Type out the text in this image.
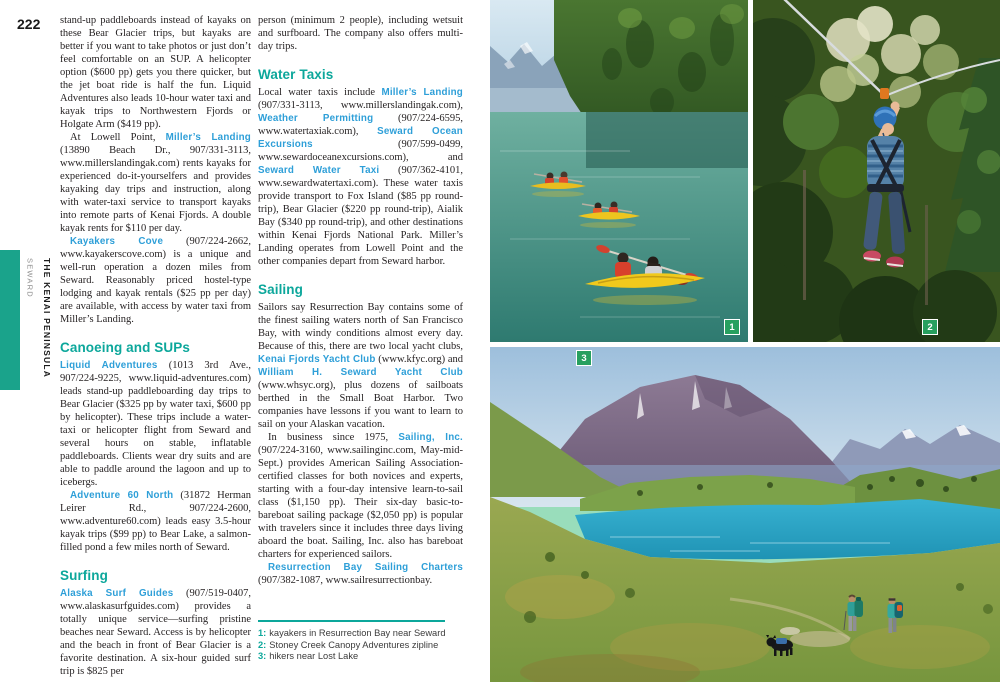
222
THE KENAI PENINSULA SEWARD

stand-up paddleboards instead of kayaks on these Bear Glacier trips, but kayaks are better if you want to take photos or just don’t feel comfortable on an SUP. A helicopter option ($600 pp) gets you there quicker, but the jet boat ride is half the fun. Liquid Adventures also leads 10-hour water taxi and kayak trips to Northwestern Fjords or Holgate Arm ($419 pp).

At Lowell Point, Miller’s Landing (13890 Beach Dr., 907/331-3113, www.millerslandingak.com) rents kayaks for experienced do-it-yourselfers and provides kayaking day trips and instruction, along with water-taxi service to transport kayaks into remote parts of Kenai Fjords. A double kayak rents for $110 per day.

Kayakers Cove (907/224-2662, www.kayakerscove.com) is a unique and well-run operation a dozen miles from Seward. Reasonably priced hostel-type lodging and kayak rentals ($25 pp per day) are available, with access by water taxi from Miller’s Landing.

Canoeing and SUPs

Liquid Adventures (1013 3rd Ave., 907/224-9225, www.liquid-adventures.com) leads stand-up paddleboarding day trips to Bear Glacier ($325 pp by water taxi, $600 pp by helicopter). These trips include a water-taxi or helicopter flight from Seward and several hours on stable, inflatable paddleboards. Clients wear dry suits and are able to paddle around the lagoon and up to icebergs.

Adventure 60 North (31872 Herman Leirer Rd., 907/224-2600, www.adventure60.com) leads easy 3.5-hour kayak trips ($99 pp) to Bear Lake, a salmon-filled pond a few miles north of Seward.

Surfing

Alaska Surf Guides (907/519-0407, www.alaskasurfguides.com) provides a totally unique service—surfing pristine beaches near Seward. Access is by helicopter and the beach in front of Bear Glacier is a favorite destination. A six-hour guided surf trip is $825 per

person (minimum 2 people), including wetsuit and surfboard. The company also offers multi-day trips.

Water Taxis

Local water taxis include Miller’s Landing (907/331-3113, www.millerslandingak.com), Weather Permitting (907/224-6595, www.watertaxiak.com), Seward Ocean Excursions (907/599-0499, www.sewardoceanexcursions.com), and Seward Water Taxi (907/362-4101, www.sewardwatertaxi.com). These water taxis provide transport to Fox Island ($85 pp round-trip), Bear Glacier ($220 pp round-trip), Aialik Bay ($340 pp round-trip), and other destinations within Kenai Fjords National Park. Miller’s Landing operates from Lowell Point and the other companies depart from Seward harbor.

Sailing

Sailors say Resurrection Bay contains some of the finest sailing waters north of San Francisco Bay, with windy conditions almost every day. Because of this, there are two local yacht clubs, Kenai Fjords Yacht Club (www.kfyc.org) and William H. Seward Yacht Club (www.whsyc.org), plus dozens of sailboats berthed in the Small Boat Harbor. Two companies have lessons if you want to learn to sail on your Alaskan vacation.

In business since 1975, Sailing, Inc. (907/224-3160, www.sailinginc.com, May-mid-Sept.) provides American Sailing Association-certified classes for both novices and experts, starting with a four-day intensive learn-to-sail class ($1,150 pp). Their six-day basic-to-bareboat sailing package ($2,050 pp) is popular with travelers since it includes three days living aboard the boat. Sailing, Inc. also has bareboat charters for experienced sailors.

Resurrection Bay Sailing Charters (907/382-1087, www.sailresurrectionbay.

1: kayakers in Resurrection Bay near Seward
2: Stoney Creek Canopy Adventures zipline
3: hikers near Lost Lake
1	2
3
